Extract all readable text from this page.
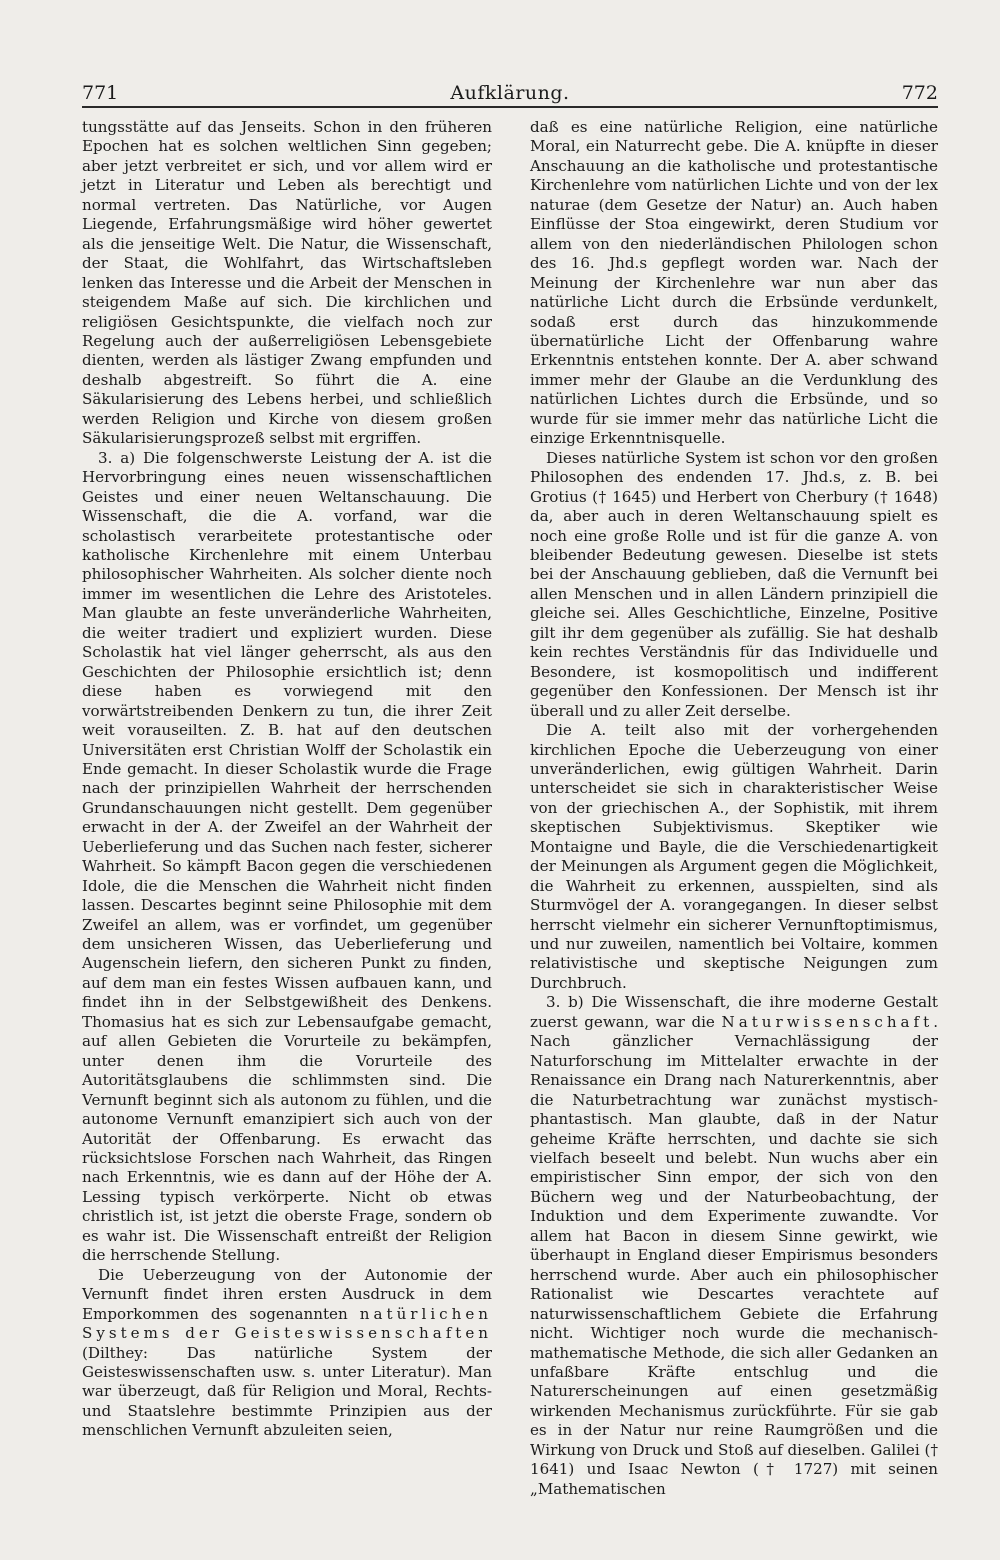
771	Aufklärung.	772

tungsstätte auf das Jenseits. Schon in den früheren Epochen hat es solchen weltlichen Sinn gegeben; aber jetzt verbreitet er sich, und vor allem wird er jetzt in Literatur und Leben als berechtigt und normal vertreten. Das Natürliche, vor Augen Liegende, Erfahrungsmäßige wird höher gewertet als die jenseitige Welt. Die Natur, die Wissenschaft, der Staat, die Wohlfahrt, das Wirtschaftsleben lenken das Interesse und die Arbeit der Menschen in steigendem Maße auf sich. Die kirchlichen und religiösen Gesichtspunkte, die vielfach noch zur Regelung auch der außerreligiösen Lebensgebiete dienten, werden als lästiger Zwang empfunden und deshalb abgestreift. So führt die A. eine Säkularisierung des Lebens herbei, und schließlich werden Religion und Kirche von diesem großen Säkularisierungsprozeß selbst mit ergriffen.

3. a) Die folgenschwerste Leistung der A. ist die Hervorbringung eines neuen wissenschaftlichen Geistes und einer neuen Weltanschauung. Die Wissenschaft, die die A. vorfand, war die scholastisch verarbeitete protestantische oder katholische Kirchenlehre mit einem Unterbau philosophischer Wahrheiten. Als solcher diente noch immer im wesentlichen die Lehre des Aristoteles. Man glaubte an feste unveränderliche Wahrheiten, die weiter tradiert und expliziert wurden. Diese Scholastik hat viel länger geherrscht, als aus den Geschichten der Philosophie ersichtlich ist; denn diese haben es vorwiegend mit den vorwärtstreibenden Denkern zu tun, die ihrer Zeit weit vorauseilten. Z. B. hat auf den deutschen Universitäten erst Christian Wolff der Scholastik ein Ende gemacht. In dieser Scholastik wurde die Frage nach der prinzipiellen Wahrheit der herrschenden Grundanschauungen nicht gestellt. Dem gegenüber erwacht in der A. der Zweifel an der Wahrheit der Ueberlieferung und das Suchen nach fester, sicherer Wahrheit. So kämpft Bacon gegen die verschiedenen Idole, die die Menschen die Wahrheit nicht finden lassen. Descartes beginnt seine Philosophie mit dem Zweifel an allem, was er vorfindet, um gegenüber dem unsicheren Wissen, das Ueberlieferung und Augenschein liefern, den sicheren Punkt zu finden, auf dem man ein festes Wissen aufbauen kann, und findet ihn in der Selbstgewißheit des Denkens. Thomasius hat es sich zur Lebensaufgabe gemacht, auf allen Gebieten die Vorurteile zu bekämpfen, unter denen ihm die Vorurteile des Autoritätsglaubens die schlimmsten sind. Die Vernunft beginnt sich als autonom zu fühlen, und die autonome Vernunft emanzipiert sich auch von der Autorität der Offenbarung. Es erwacht das rücksichtslose Forschen nach Wahrheit, das Ringen nach Erkenntnis, wie es dann auf der Höhe der A. Lessing typisch verkörperte. Nicht ob etwas christlich ist, ist jetzt die oberste Frage, sondern ob es wahr ist. Die Wissenschaft entreißt der Religion die herrschende Stellung.

Die Ueberzeugung von der Autonomie der Vernunft findet ihren ersten Ausdruck in dem Emporkommen des sogenannten natürlichen Systems der Geisteswissenschaften (Dilthey: Das natürliche System der Geisteswissenschaften usw. s. unter Literatur). Man war überzeugt, daß für Religion und Moral, Rechts- und Staatslehre bestimmte Prinzipien aus der menschlichen Vernunft abzuleiten seien,

daß es eine natürliche Religion, eine natürliche Moral, ein Naturrecht gebe. Die A. knüpfte in dieser Anschauung an die katholische und protestantische Kirchenlehre vom natürlichen Lichte und von der lex naturae (dem Gesetze der Natur) an. Auch haben Einflüsse der Stoa eingewirkt, deren Studium vor allem von den niederländischen Philologen schon des 16. Jhd.s gepflegt worden war. Nach der Meinung der Kirchenlehre war nun aber das natürliche Licht durch die Erbsünde verdunkelt, sodaß erst durch das hinzukommende übernatürliche Licht der Offenbarung wahre Erkenntnis entstehen konnte. Der A. aber schwand immer mehr der Glaube an die Verdunklung des natürlichen Lichtes durch die Erbsünde, und so wurde für sie immer mehr das natürliche Licht die einzige Erkenntnisquelle.

Dieses natürliche System ist schon vor den großen Philosophen des endenden 17. Jhd.s, z. B. bei Grotius († 1645) und Herbert von Cherbury († 1648) da, aber auch in deren Weltanschauung spielt es noch eine große Rolle und ist für die ganze A. von bleibender Bedeutung gewesen. Dieselbe ist stets bei der Anschauung geblieben, daß die Vernunft bei allen Menschen und in allen Ländern prinzipiell die gleiche sei. Alles Geschichtliche, Einzelne, Positive gilt ihr dem gegenüber als zufällig. Sie hat deshalb kein rechtes Verständnis für das Individuelle und Besondere, ist kosmopolitisch und indifferent gegenüber den Konfessionen. Der Mensch ist ihr überall und zu aller Zeit derselbe.

Die A. teilt also mit der vorhergehenden kirchlichen Epoche die Ueberzeugung von einer unveränderlichen, ewig gültigen Wahrheit. Darin unterscheidet sie sich in charakteristischer Weise von der griechischen A., der Sophistik, mit ihrem skeptischen Subjektivismus. Skeptiker wie Montaigne und Bayle, die die Verschiedenartigkeit der Meinungen als Argument gegen die Möglichkeit, die Wahrheit zu erkennen, ausspielten, sind als Sturmvögel der A. vorangegangen. In dieser selbst herrscht vielmehr ein sicherer Vernunftoptimismus, und nur zuweilen, namentlich bei Voltaire, kommen relativistische und skeptische Neigungen zum Durchbruch.

3. b) Die Wissenschaft, die ihre moderne Gestalt zuerst gewann, war die Naturwissenschaft. Nach gänzlicher Vernachlässigung der Naturforschung im Mittelalter erwachte in der Renaissance ein Drang nach Naturerkenntnis, aber die Naturbetrachtung war zunächst mystisch-phantastisch. Man glaubte, daß in der Natur geheime Kräfte herrschten, und dachte sie sich vielfach beseelt und belebt. Nun wuchs aber ein empiristischer Sinn empor, der sich von den Büchern weg und der Naturbeobachtung, der Induktion und dem Experimente zuwandte. Vor allem hat Bacon in diesem Sinne gewirkt, wie überhaupt in England dieser Empirismus besonders herrschend wurde. Aber auch ein philosophischer Rationalist wie Descartes verachtete auf naturwissenschaftlichem Gebiete die Erfahrung nicht. Wichtiger noch wurde die mechanisch-mathematische Methode, die sich aller Gedanken an unfaßbare Kräfte entschlug und die Naturerscheinungen auf einen gesetzmäßig wirkenden Mechanismus zurückführte. Für sie gab es in der Natur nur reine Raumgrößen und die Wirkung von Druck und Stoß auf dieselben. Galilei († 1641) und Isaac Newton († 1727) mit seinen „Mathematischen
